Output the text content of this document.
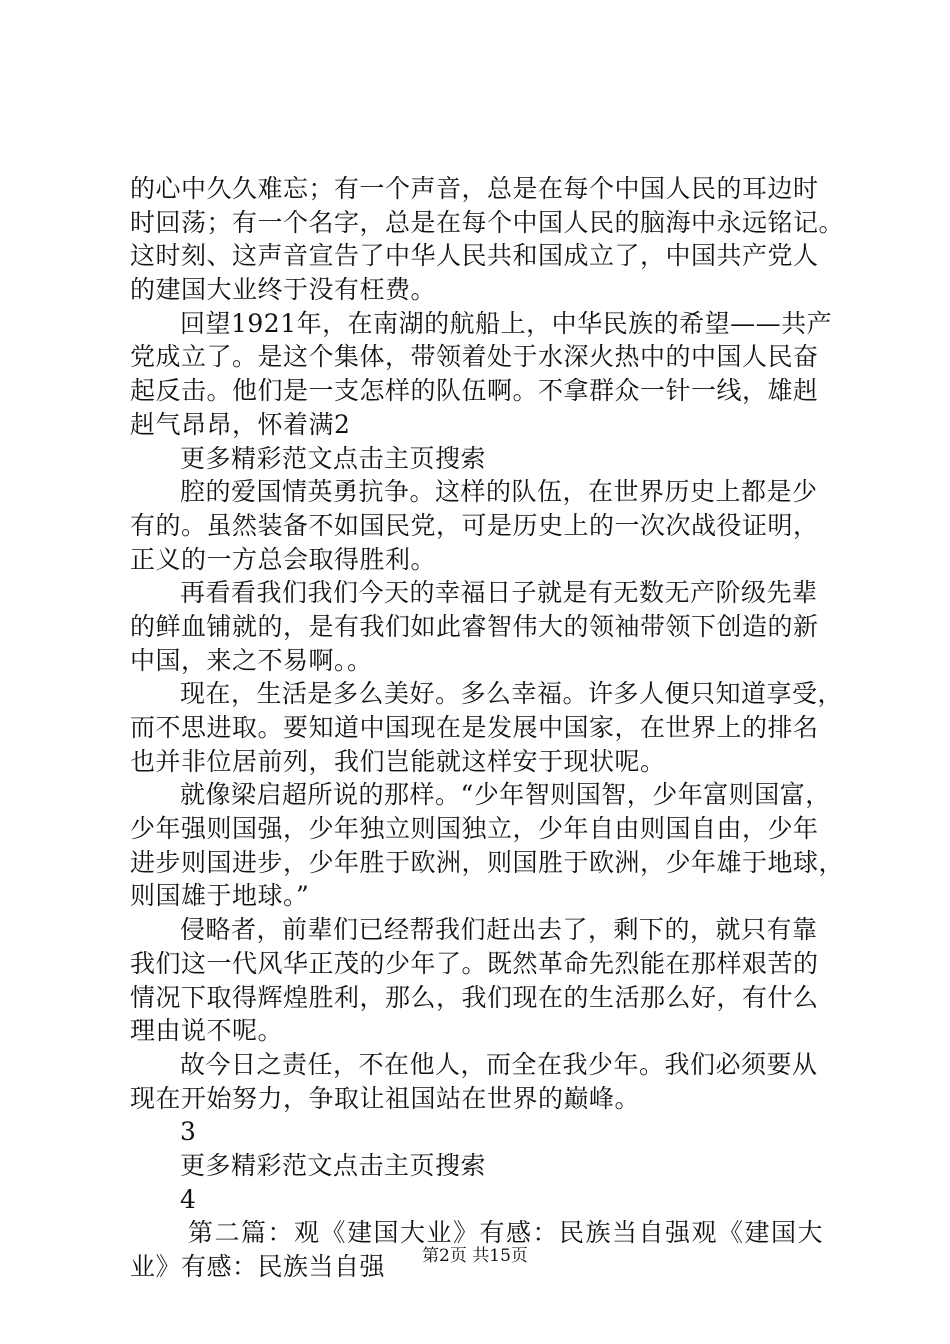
的心中久久难忘；有一个声音，总是在每个中国人民的耳边时
时回荡；有一个名字，总是在每个中国人民的脑海中永远铭记。
这时刻、这声音宣告了中华人民共和国成立了，中国共产党人
的建国大业终于没有枉费。
回望1921年，在南湖的航船上，中华民族的希望——共产
党成立了。是这个集体，带领着处于水深火热中的中国人民奋
起反击。他们是一支怎样的队伍啊。不拿群众一针一线，雄赳
赳气昂昂，怀着满2
更多精彩范文点击主页搜索
腔的爱国情英勇抗争。这样的队伍，在世界历史上都是少
有的。虽然装备不如国民党，可是历史上的一次次战役证明，
正义的一方总会取得胜利。
再看看我们我们今天的幸福日子就是有无数无产阶级先辈
的鲜血铺就的，是有我们如此睿智伟大的领袖带领下创造的新
中国，来之不易啊。。
现在，生活是多么美好。多么幸福。许多人便只知道享受，
而不思进取。要知道中国现在是发展中国家，在世界上的排名
也并非位居前列，我们岂能就这样安于现状呢。
就像梁启超所说的那样。“少年智则国智，少年富则国富，
少年强则国强，少年独立则国独立，少年自由则国自由，少年
进步则国进步，少年胜于欧洲，则国胜于欧洲，少年雄于地球，
则国雄于地球。”
侵略者，前辈们已经帮我们赶出去了，剩下的，就只有靠
我们这一代风华正茂的少年了。既然革命先烈能在那样艰苦的
情况下取得辉煌胜利，那么，我们现在的生活那么好，有什么
理由说不呢。
故今日之责任，不在他人，而全在我少年。我们必须要从
现在开始努力，争取让祖国站在世界的巅峰。
3
更多精彩范文点击主页搜索
4
第二篇：观《建国大业》有感：民族当自强观《建国大
业》有感：民族当自强	第2页 共15页
